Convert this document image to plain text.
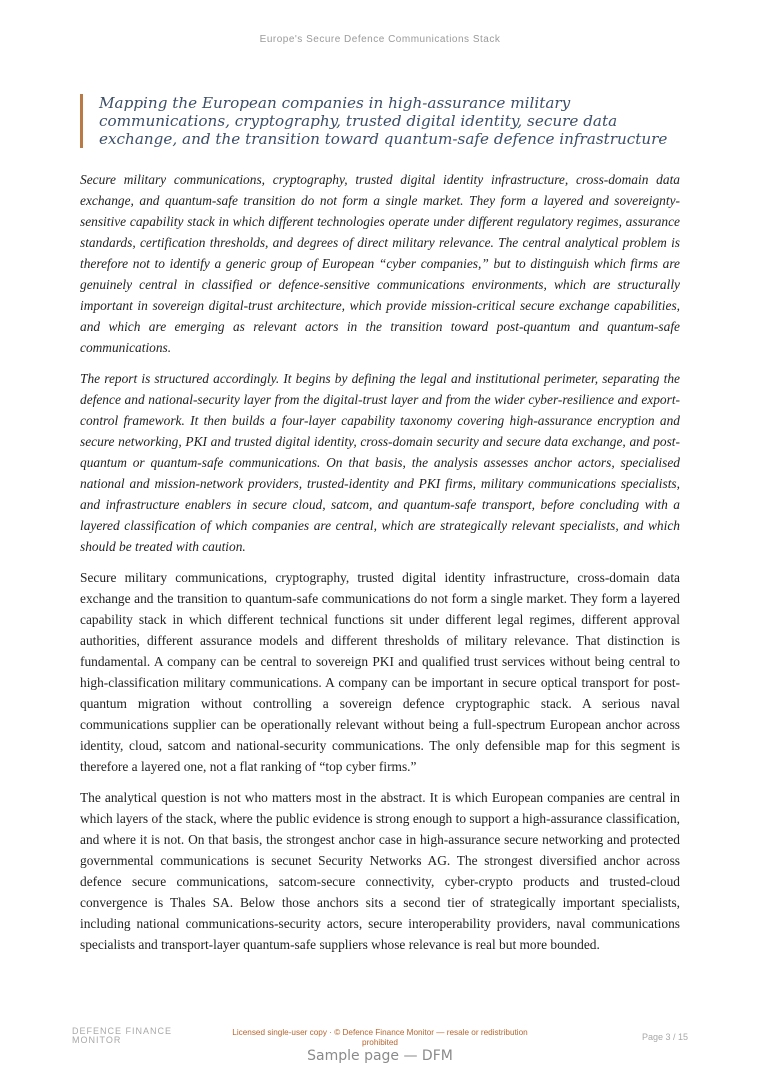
​
Europe's Secure Defence Communications Stack
Mapping the European companies in high-assurance military communications, cryptography, trusted digital identity, secure data exchange, and the transition toward quantum-safe defence infrastructure

Secure military communications, cryptography, trusted digital identity infrastructure, cross-domain data exchange, and quantum-safe transition do not form a single market. They form a layered and sovereignty-sensitive capability stack in which different technologies operate under different regulatory regimes, assurance standards, certification thresholds, and degrees of direct military relevance. The central analytical problem is therefore not to identify a generic group of European “cyber companies,” but to distinguish which firms are genuinely central in classified or defence-sensitive communications environments, which are structurally important in sovereign digital-trust architecture, which provide mission-critical secure exchange capabilities, and which are emerging as relevant actors in the transition toward post-quantum and quantum-safe communications.

The report is structured accordingly. It begins by defining the legal and institutional perimeter, separating the defence and national-security layer from the digital-trust layer and from the wider cyber-resilience and export-control framework. It then builds a four-layer capability taxonomy covering high-assurance encryption and secure networking, PKI and trusted digital identity, cross-domain security and secure data exchange, and post-quantum or quantum-safe communications. On that basis, the analysis assesses anchor actors, specialised national and mission-network providers, trusted-identity and PKI firms, military communications specialists, and infrastructure enablers in secure cloud, satcom, and quantum-safe transport, before concluding with a layered classification of which companies are central, which are strategically relevant specialists, and which should be treated with caution.

Secure military communications, cryptography, trusted digital identity infrastructure, cross-domain data exchange and the transition to quantum-safe communications do not form a single market. They form a layered capability stack in which different technical functions sit under different legal regimes, different approval authorities, different assurance models and different thresholds of military relevance. That distinction is fundamental. A company can be central to sovereign PKI and qualified trust services without being central to high-classification military communications. A company can be important in secure optical transport for post-quantum migration without controlling a sovereign defence cryptographic stack. A serious naval communications supplier can be operationally relevant without being a full-spectrum European anchor across identity, cloud, satcom and national-security communications. The only defensible map for this segment is therefore a layered one, not a flat ranking of “top cyber firms.”

The analytical question is not who matters most in the abstract. It is which European companies are central in which layers of the stack, where the public evidence is strong enough to support a high-assurance classification, and where it is not. On that basis, the strongest anchor case in high-assurance secure networking and protected governmental communications is secunet Security Networks AG. The strongest diversified anchor across defence secure communications, satcom-secure connectivity, cyber-crypto products and trusted-cloud convergence is Thales SA. Below those anchors sits a second tier of strategically important specialists, including national communications-security actors, secure interoperability providers, naval communications specialists and transport-layer quantum-safe suppliers whose relevance is real but more bounded.

DEFENCE FINANCE
MONITOR
Licensed single-user copy · © Defence Finance Monitor — resale or redistribution prohibited
Page 3 / 15
Sample page — DFM
